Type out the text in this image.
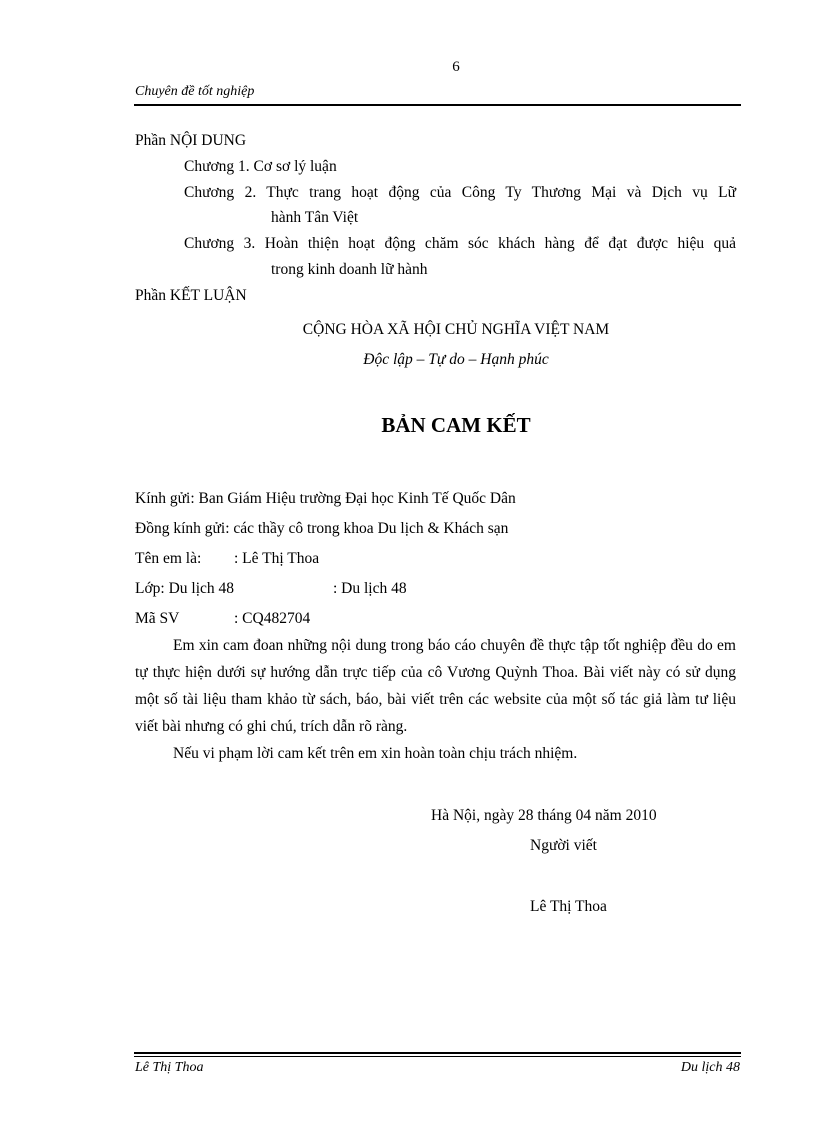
6
Chuyên đề tốt nghiệp
Phần NỘI DUNG
Chương 1. Cơ sơ lý luận
Chương 2. Thực trang hoạt động của Công Ty Thương Mại và Dịch vụ Lữ
hành Tân Việt
Chương 3. Hoàn thiện hoạt động chăm sóc khách hàng để đạt được hiệu quả
trong kinh doanh lữ hành
Phần KẾT LUẬN
CỘNG HÒA XÃ HỘI CHỦ NGHĨA VIỆT NAM
Độc lập – Tự do – Hạnh phúc
BẢN CAM KẾT
Kính gửi: Ban Giám Hiệu trường Đại học Kinh Tế Quốc Dân
Đồng kính gửi: các thầy cô trong khoa Du lịch & Khách sạn
Tên em là: : Lê Thị Thoa
Lớp: Du lịch 48	: Du lịch 48
Mã SV	: CQ482704

Em xin cam đoan những nội dung trong báo cáo chuyên đề thực tập tốt nghiệp đều do em tự thực hiện dưới sự hướng dẫn trực tiếp của cô Vương Quỳnh Thoa. Bài viết này có sử dụng một số tài liệu tham khảo từ sách, báo, bài viết trên các website của một số tác giả làm tư liệu viết bài nhưng có ghi chú, trích dẫn rõ ràng.

Nếu vi phạm lời cam kết trên em xin hoàn toàn chịu trách nhiệm.

Hà Nội, ngày 28 tháng 04 năm 2010
Người viết
Lê Thị Thoa
Lê Thị Thoa	Du lịch 48
